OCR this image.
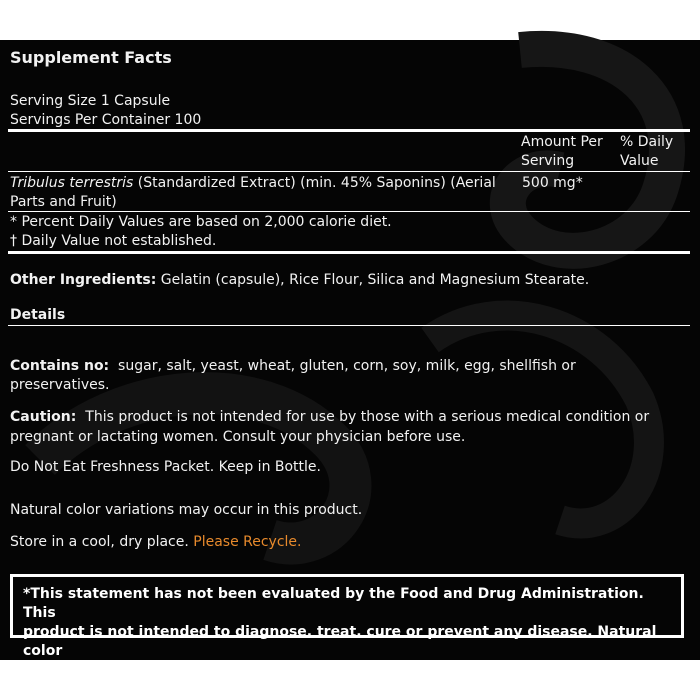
Supplement Facts
Serving Size 1 Capsule
Servings Per Container 100
Amount Per
Serving
% Daily
Value
Tribulus terrestris (Standardized Extract) (min. 45% Saponins) (Aerial
Parts and Fruit)
500 mg*
* Percent Daily Values are based on 2,000 calorie diet.
† Daily Value not established.
Other Ingredients: Gelatin (capsule), Rice Flour, Silica and Magnesium Stearate.
Details
Contains no:  sugar, salt, yeast, wheat, gluten, corn, soy, milk, egg, shellfish or
preservatives.
Caution:  This product is not intended for use by those with a serious medical condition or
pregnant or lactating women. Consult your physician before use.
Do Not Eat Freshness Packet. Keep in Bottle.
Natural color variations may occur in this product.
Store in a cool, dry place. Please Recycle.
*This statement has not been evaluated by the Food and Drug Administration. This
product is not intended to diagnose, treat, cure or prevent any disease. Natural color
variations may occur in this product.
